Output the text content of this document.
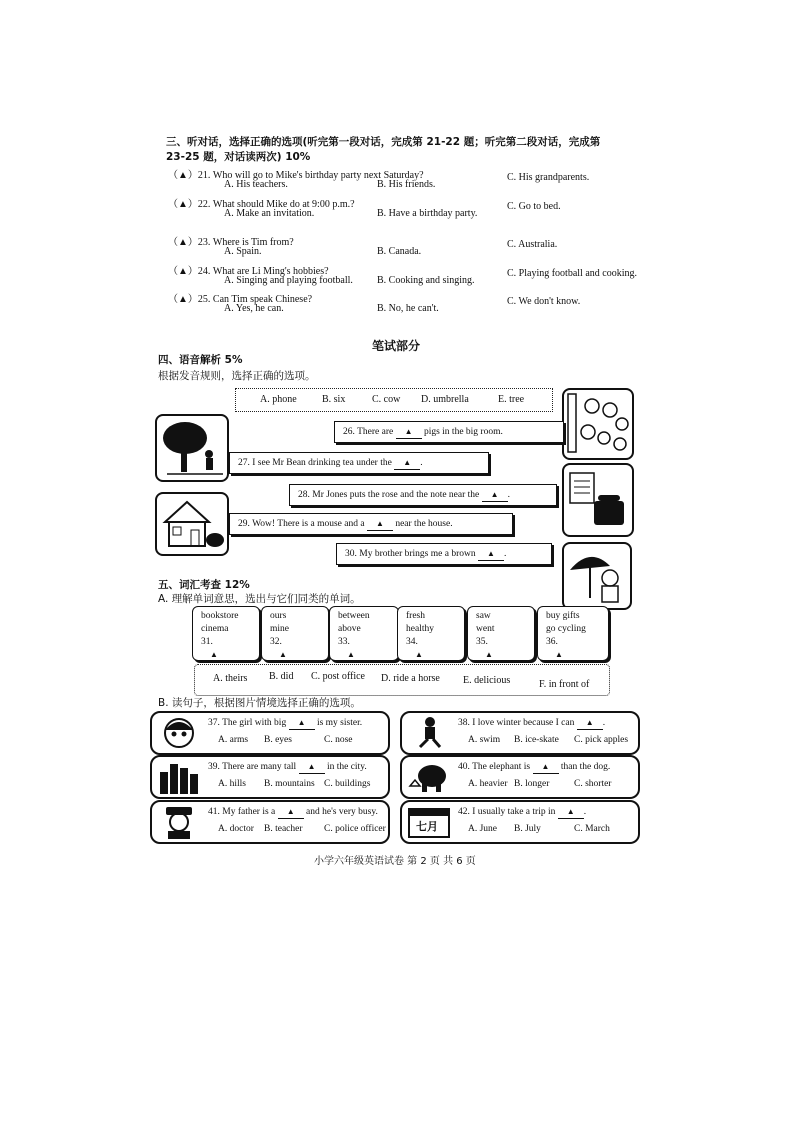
三、听对话，选择正确的选项(听完第一段对话，完成第 21-22 题；听完第二段对话，完成第
23-25 题，对话读两次) 10%
（▲）21. Who will go to Mike's birthday party next Saturday?
A. His teachers.	B. His friends.
C. His grandparents.
（▲）22. What should Mike do at 9:00 p.m.?
A. Make an invitation.	B. Have a birthday party.
C. Go to bed.
（▲）23. Where is Tim from?
A. Spain.	B. Canada.
C. Australia.
（▲）24. What are Li Ming's hobbies?
A. Singing and playing football. B. Cooking and singing.
C. Playing football and cooking.
（▲）25. Can Tim speak Chinese?
A. Yes, he can.	B. No, he can't.
C. We don't know.
笔试部分
四、语音解析 5%
根据发音规则，选择正确的选项。
A. phone	B. six	C. cow D. umbrella	E. tree
26. There are ▲ pigs in the big room.
27. I see Mr Bean drinking tea under the ▲ .
28. Mr Jones puts the rose and the note near the ▲ .
29. Wow! There is a mouse and a ▲ near the house.
30. My brother brings me a brown ▲ .
五、词汇考查 12%
A. 理解单词意思，选出与它们同类的单词。
bookstore
cinema
31.
▲
ours
mine
32.
▲
between
above
33.
▲
fresh
healthy
34.
▲
saw
went
35.
▲
buy gifts
go cycling
36.
▲
A. theirs B. did C. post office D. ride a horse E. delicious	F. in front of
B. 读句子，根据图片情境选择正确的选项。
37. The girl with big ▲ is my sister.
A. arms B. eyes	C. nose
38. I love winter because I can ▲ .
A. swim B. ice-skate C. pick apples
39. There are many tall ▲ in the city.
A. hills B. mountains C. buildings
40. The elephant is ▲ than the dog.
A. heavier B. longer	C. shorter
41. My father is a ▲ and he's very busy.
A. doctor B. teacher C. police officer	七月
42. I usually take a trip in ▲ .
A. June B. July	C. March
小学六年级英语试卷 第 2 页 共 6 页
